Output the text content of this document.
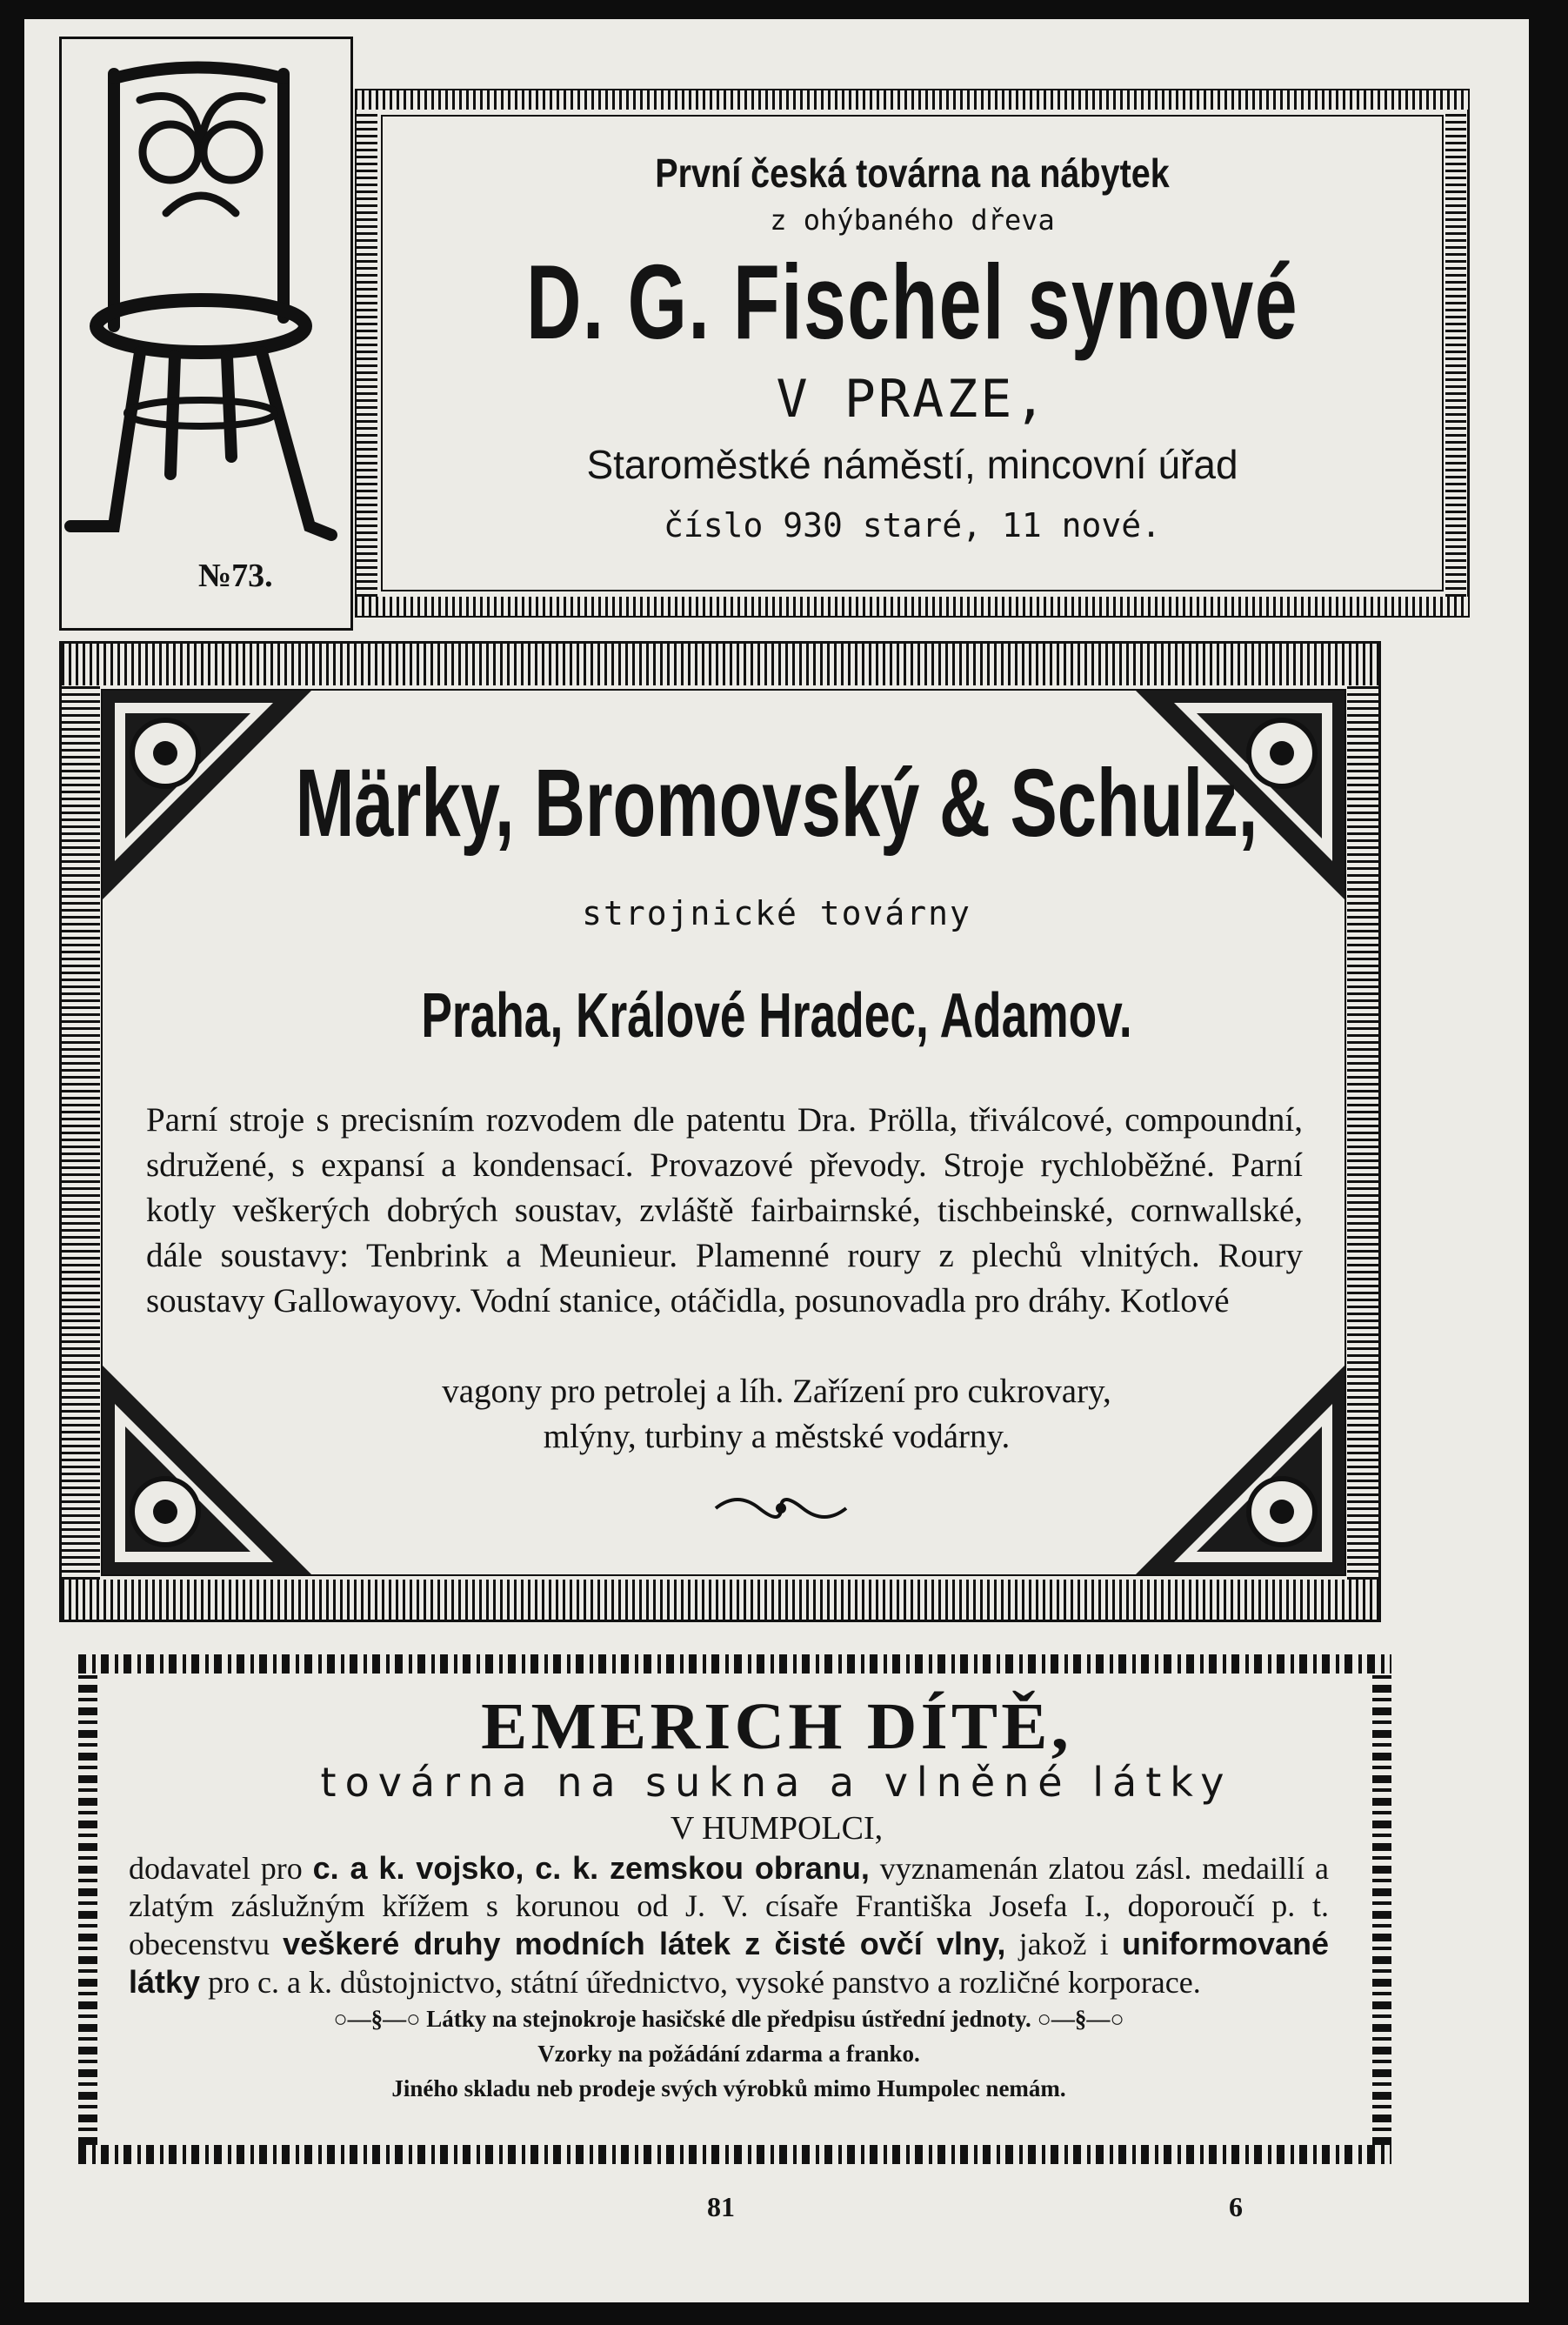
№73.
První česká továrna na nábytek
z ohýbaného dřeva
D. G. Fischel synové
V PRAZE,
Staroměstké náměstí, mincovní úřad
číslo 930 staré, 11 nové.
Märky, Bromovský & Schulz,
strojnické továrny
Praha, Králové Hradec, Adamov.
Parní stroje s precisním rozvodem dle patentu Dra. Prölla, třiválcové, compoundní, sdružené, s expansí a kondensací. Provazové převody. Stroje rychloběžné. Parní kotly veškerých dobrých soustav, zvláště fairbairnské, tischbeinské, cornwallské, dále soustavy: Tenbrink a Meunieur. Plamenné roury z plechů vlnitých. Roury soustavy Gallowayovy. Vodní stanice, otáčidla, posunovadla pro dráhy. Kotlové
vagony pro petrolej a líh. Zařízení pro cukrovary,
mlýny, turbiny a městské vodárny.
EMERICH DÍTĚ,
továrna na sukna a vlněné látky
V HUMPOLCI,
dodavatel pro c. a k. vojsko, c. k. zemskou obranu, vyznamenán zlatou zásl. medaillí a zlatým záslužným křížem s korunou od J. V. císaře Františka Josefa I., doporoučí p. t. obecenstvu veškeré druhy modních látek z čisté ovčí vlny, jakož i uniformované látky pro c. a k. důstojnictvo, státní úřednictvo, vysoké panstvo a rozličné korporace.
○—§—○ Látky na stejnokroje hasičské dle předpisu ústřední jednoty. ○—§—○
Vzorky na požádání zdarma a franko.
Jiného skladu neb prodeje svých výrobků mimo Humpolec nemám.
81	6
